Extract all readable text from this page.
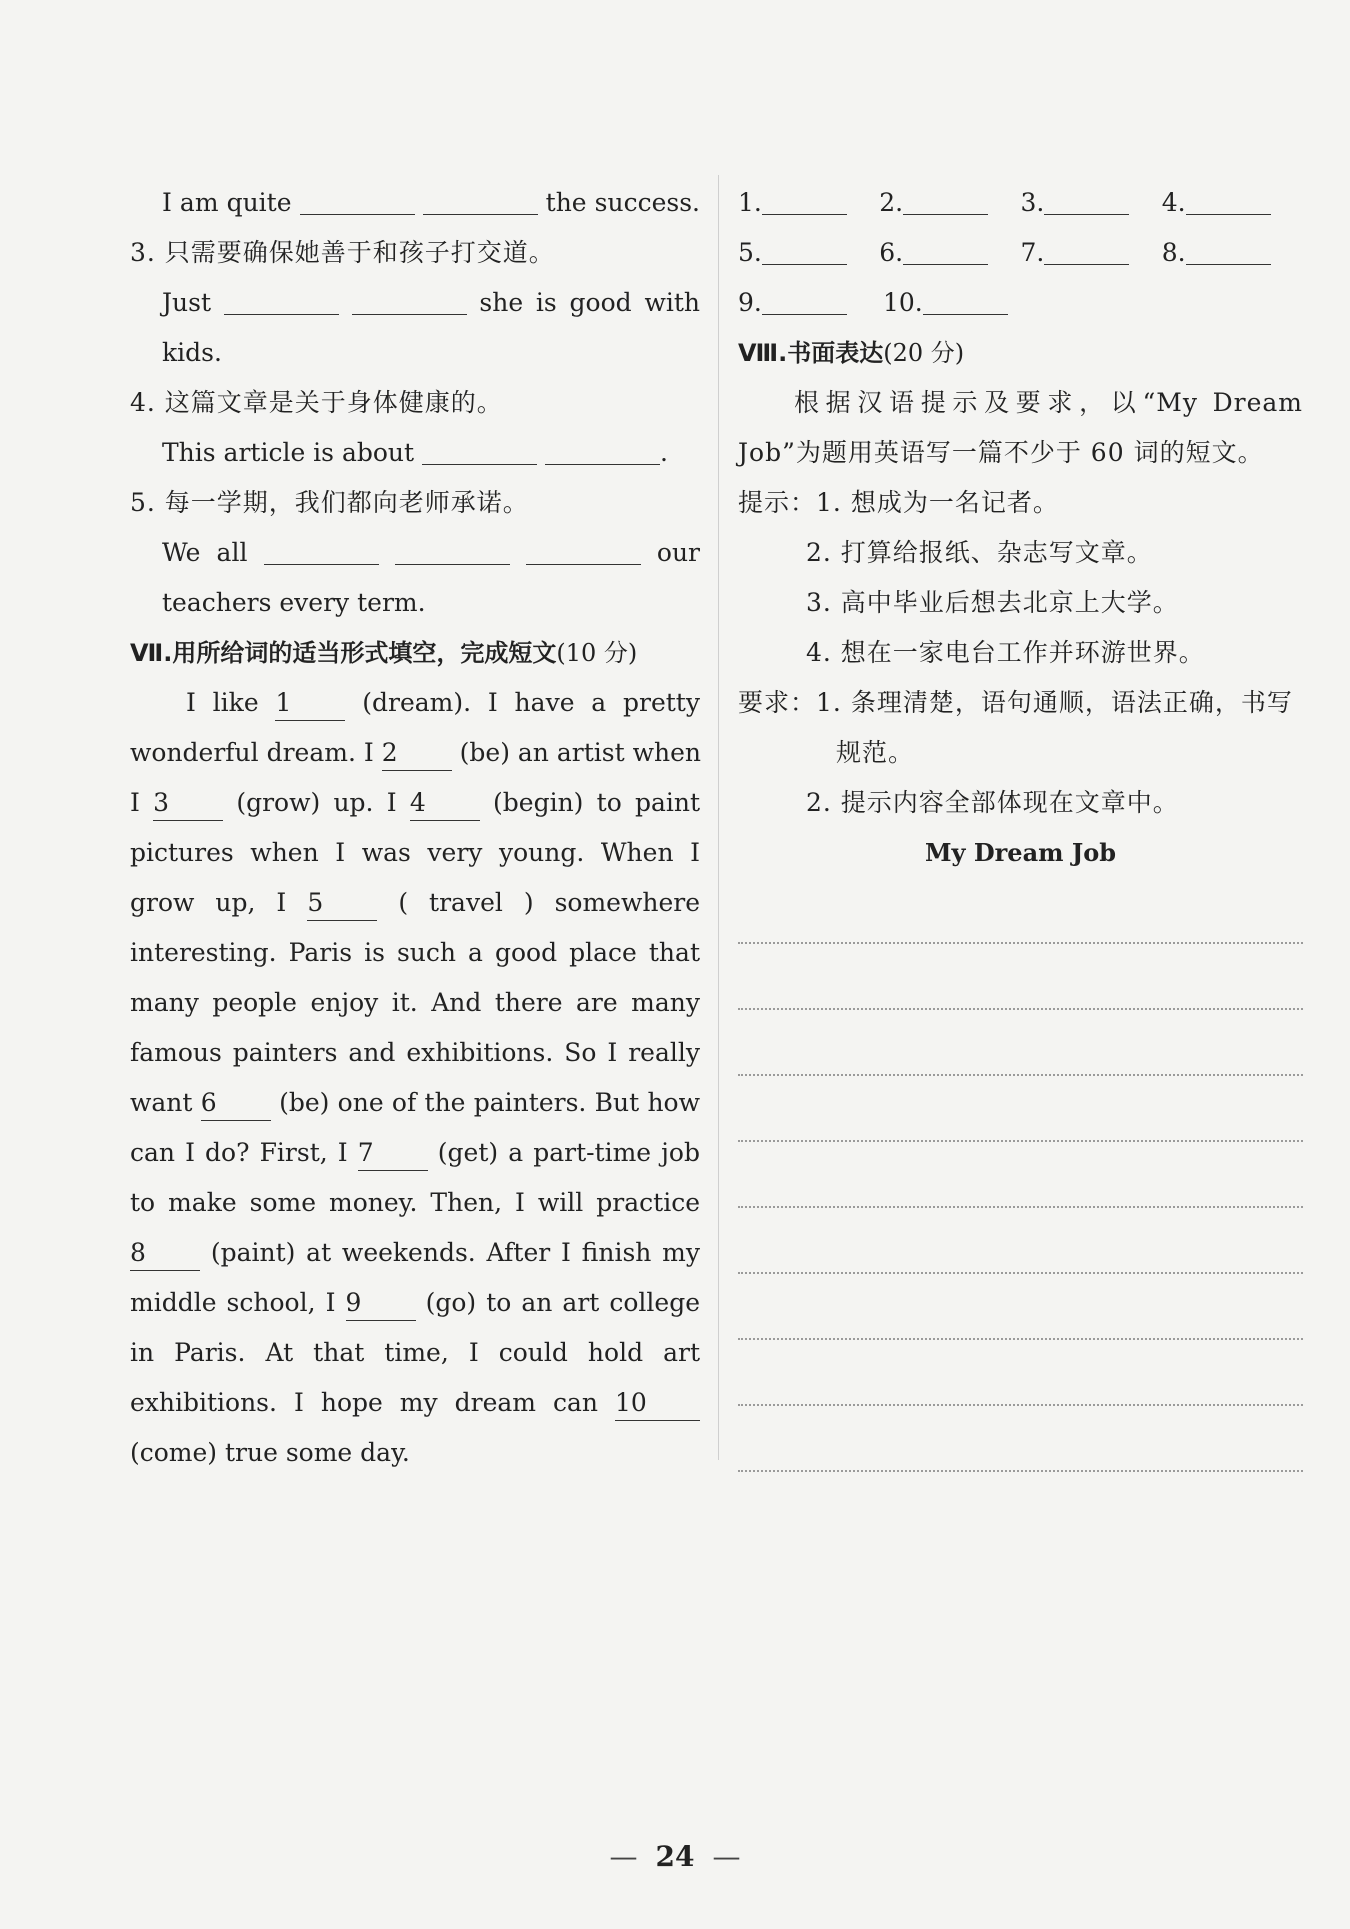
I am quite	the success.
3. 只需要确保她善于和孩子打交道。
Just	she is good with
kids.
4. 这篇文章是关于身体健康的。
This article is about	.
5. 每一学期，我们都向老师承诺。
We all	our
teachers every term.
Ⅶ.用所给词的适当形式填空，完成短文(10 分)
I like 1	(dream). I have a pretty
wonderful dream. I 2 (be) an artist when
I 3	(grow) up. I 4	(begin) to paint
pictures when I was very young. When I
grow up, I 5	( travel ) somewhere
interesting. Paris is such a good place that
many people enjoy it. And there are many
famous painters and exhibitions. So I really
want 6 (be) one of the painters. But how
can I do? First, I 7	(get) a part-time job
to make some money. Then, I will practice
8	(paint) at weekends. After I finish my
middle school, I 9	(go) to an art college
in Paris. At that time, I could hold art
exhibitions. I hope my dream can 10
(come) true some day.
1.	2.	3.	4.
5.	6.	7.	8.
9.	10.
Ⅷ.书面表达(20 分)
根据汉语提示及要求，以“My Dream
Job”为题用英语写一篇不少于 60 词的短文。
提示：1. 想成为一名记者。
2. 打算给报纸、杂志写文章。
3. 高中毕业后想去北京上大学。
4. 想在一家电台工作并环游世界。
要求：1. 条理清楚，语句通顺，语法正确，书写
规范。
2. 提示内容全部体现在文章中。
My Dream Job
— 24 —
